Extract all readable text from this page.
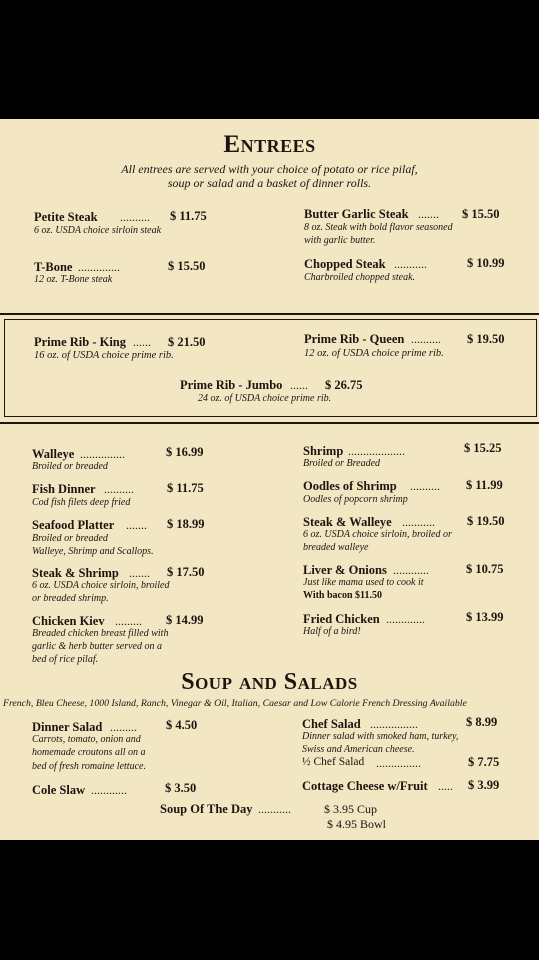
Entrees
All entrees are served with your choice of potato or rice pilaf,
soup or salad and a basket of dinner rolls.
Petite Steak .......... $ 11.75
6 oz. USDA choice sirloin steak
Butter Garlic Steak ....... $ 15.50
8 oz. Steak with bold flavor seasoned
with garlic butter.
T-Bone ..............	$ 15.50
12 oz. T-Bone steak
Chopped Steak ...........	$ 10.99
Charbroiled chopped steak.
Prime Rib - King ...... $ 21.50
16 oz. of USDA choice prime rib.
Prime Rib - Queen .......... $ 19.50
12 oz. of USDA choice prime rib.
Prime Rib - Jumbo ...... $ 26.75
24 oz. of USDA choice prime rib.
Walleye ...............	$ 16.99
Broiled or breaded
Shrimp ...................	$ 15.25
Broiled or Breaded
Fish Dinner ..........	$ 11.75
Cod fish filets deep fried
Oodles of Shrimp .......... $ 11.99
Oodles of popcorn shrimp
Seafood Platter ....... $ 18.99
Broiled or breaded
Walleye, Shrimp and Scallops.
Steak & Walleye ...........	$ 19.50
6 oz. USDA choice sirloin, broiled or
breaded walleye
Steak & Shrimp ....... $ 17.50
6 oz. USDA choice sirloin, broiled
or breaded shrimp.
Liver & Onions ............	$ 10.75
Just like mama used to cook it
With bacon $11.50
Chicken Kiev ......... $ 14.99
Breaded chicken breast filled with
garlic & herb butter served on a
bed of rice pilaf.
Fried Chicken .............	$ 13.99
Half of a bird!
Soup and Salads
French, Bleu Cheese, 1000 Island, Ranch, Vinegar & Oil, Italian, Caesar and Low Calorie French Dressing Available
Dinner Salad ......... $ 4.50
Carrots, tomato, onion and
homemade croutons all on a
bed of fresh romaine lettuce.
Chef Salad ................	$ 8.99
Dinner salad with smoked ham, turkey,
Swiss and American cheese.
½ Chef Salad ...............	$ 7.75
Cole Slaw ............	$ 3.50	Cottage Cheese w/Fruit ..... $ 3.99
Soup Of The Day ...........	$ 3.95 Cup
$ 4.95 Bowl
